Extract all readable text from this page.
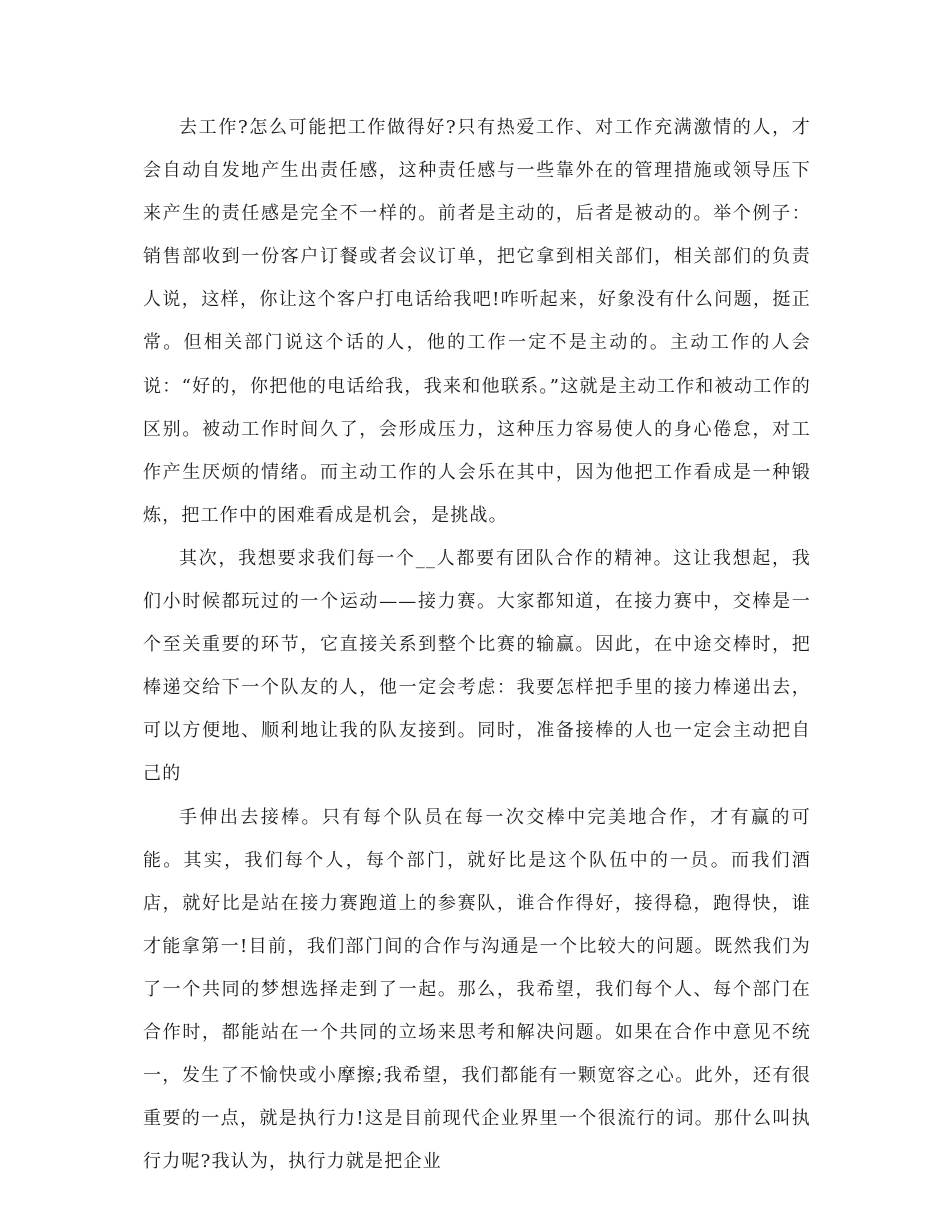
去工作?怎么可能把工作做得好?只有热爱工作、对工作充满激情的人，才会自动自发地产生出责任感，这种责任感与一些靠外在的管理措施或领导压下来产生的责任感是完全不一样的。前者是主动的，后者是被动的。举个例子：销售部收到一份客户订餐或者会议订单，把它拿到相关部们，相关部们的负责人说，这样，你让这个客户打电话给我吧!咋听起来，好象没有什么问题，挺正常。但相关部门说这个话的人，他的工作一定不是主动的。主动工作的人会说：“好的，你把他的电话给我，我来和他联系。”这就是主动工作和被动工作的区别。被动工作时间久了，会形成压力，这种压力容易使人的身心倦怠，对工作产生厌烦的情绪。而主动工作的人会乐在其中，因为他把工作看成是一种锻炼，把工作中的困难看成是机会，是挑战。

其次，我想要求我们每一个__人都要有团队合作的精神。这让我想起，我们小时候都玩过的一个运动——接力赛。大家都知道，在接力赛中，交棒是一个至关重要的环节，它直接关系到整个比赛的输赢。因此，在中途交棒时，把棒递交给下一个队友的人，他一定会考虑：我要怎样把手里的接力棒递出去，可以方便地、顺利地让我的队友接到。同时，准备接棒的人也一定会主动把自己的

手伸出去接棒。只有每个队员在每一次交棒中完美地合作，才有赢的可能。其实，我们每个人，每个部门，就好比是这个队伍中的一员。而我们酒店，就好比是站在接力赛跑道上的参赛队，谁合作得好，接得稳，跑得快，谁才能拿第一!目前，我们部门间的合作与沟通是一个比较大的问题。既然我们为了一个共同的梦想选择走到了一起。那么，我希望，我们每个人、每个部门在合作时，都能站在一个共同的立场来思考和解决问题。如果在合作中意见不统一，发生了不愉快或小摩擦;我希望，我们都能有一颗宽容之心。此外，还有很重要的一点，就是执行力!这是目前现代企业界里一个很流行的词。那什么叫执行力呢?我认为，执行力就是把企业
